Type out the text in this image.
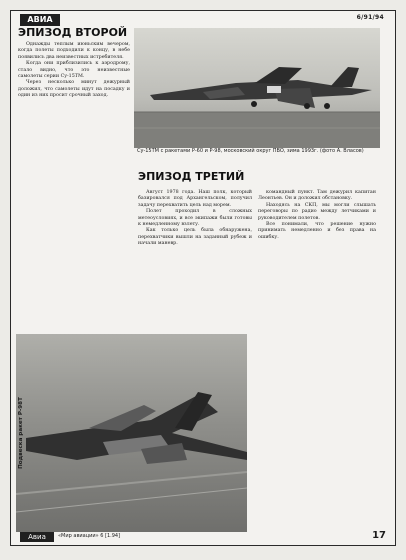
АВИА	6/91/94
ЭПИЗОД ВТОРОЙ
Однажды теплым июньским вечером, когда полеты подходили к концу, в небе появились два неизвестных истребителя.
Когда они приблизились к аэродрому, стало видно, что это неизвестные самолеты серии Су-15ТМ.
Через несколько минут дежурный доложил, что самолеты идут на посадку и один из них просит срочный заход.
Су-15ТМ с ракетами Р-60 и Р-98, московский округ ПВО, зима 1993г. (фото А. Власов)
ЭПИЗОД ТРЕТИЙ
Август 1978 года. Наш полк, который базировался под Архангельском, получил задачу перехватить цель над морем.
Полет проходил в сложных метеоусловиях, и все экипажи были готовы к немедленному взлету.
Как только цель была обнаружена, перехватчики вышли на заданный рубеж и начали маневр.
командный пункт. Там дежурил капитан Леонтьев. Он и доложил обстановку.
Находясь на СКП, мы могли слышать переговоры по радио между летчиками и руководителем полетов.
Все понимали, что решение нужно принимать немедленно и без права на ошибку.
Подвеска ракет Р-98Т
Авиа	«Мир авиации» 6 [1.94]	17
